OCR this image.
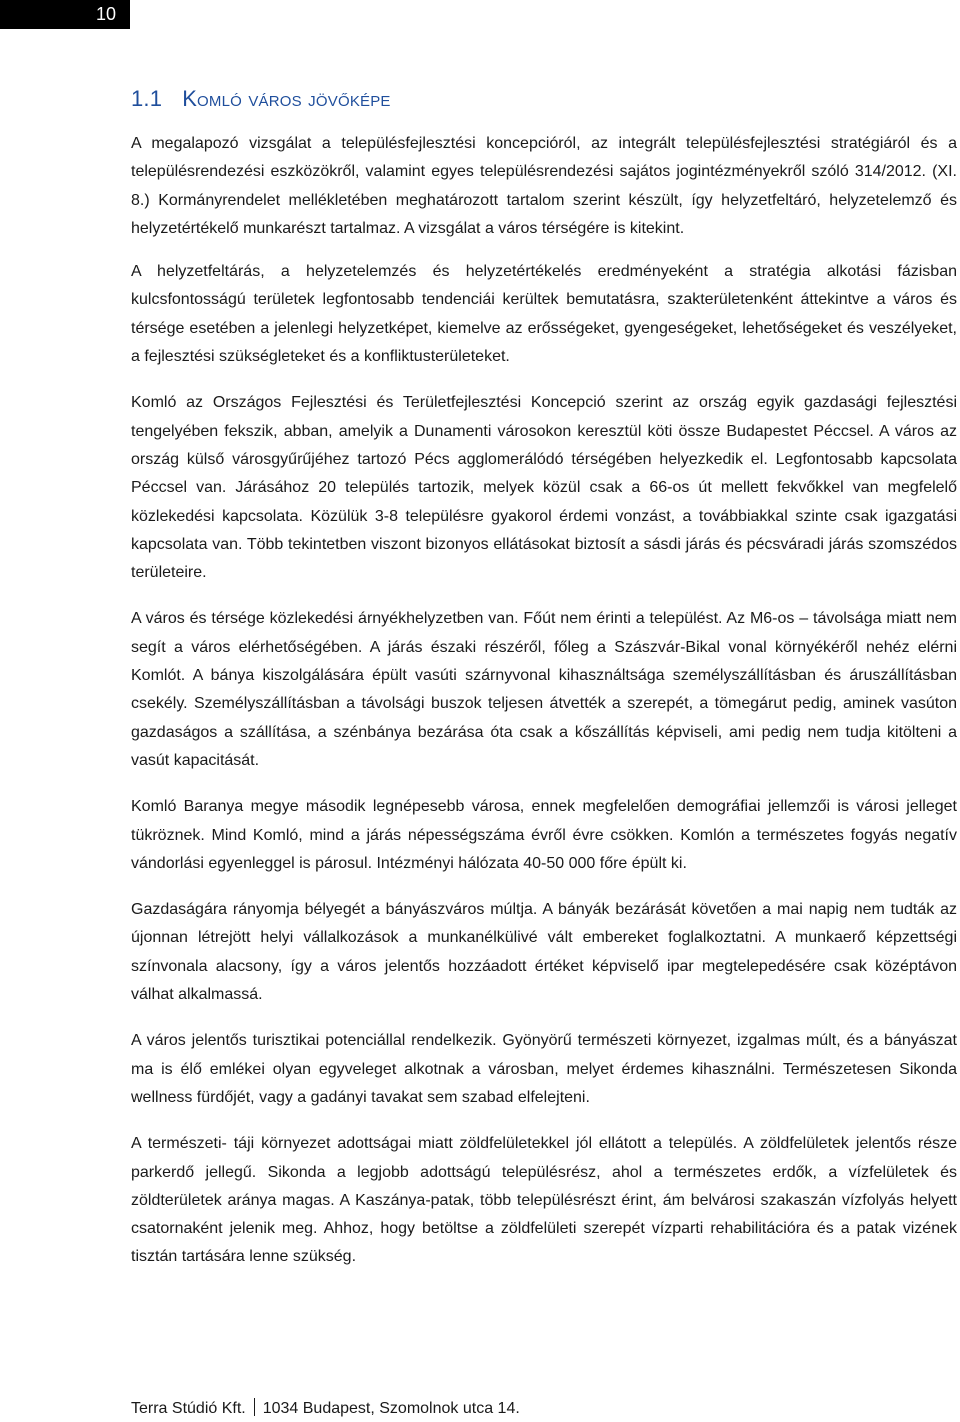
10
1.1 Komló város jövőképe

A megalapozó vizsgálat a településfejlesztési koncepcióról, az integrált településfejlesztési stratégiáról és a településrendezési eszközökről, valamint egyes településrendezési sajátos jogintézményekről szóló 314/2012. (XI. 8.) Kormányrendelet mellékletében meghatározott tartalom szerint készült, így helyzetfeltáró, helyzetelemző és helyzetértékelő munkarészt tartalmaz. A vizsgálat a város térségére is kitekint.

A helyzetfeltárás, a helyzetelemzés és helyzetértékelés eredményeként a stratégia alkotási fázisban kulcsfontosságú területek legfontosabb tendenciái kerültek bemutatásra, szakterületenként áttekintve a város és térsége esetében a jelenlegi helyzetképet, kiemelve az erősségeket, gyengeségeket, lehetőségeket és veszélyeket, a fejlesztési szükségleteket és a konfliktusterületeket.

Komló az Országos Fejlesztési és Területfejlesztési Koncepció szerint az ország egyik gazdasági fejlesztési tengelyében fekszik, abban, amelyik a Dunamenti városokon keresztül köti össze Budapestet Péccsel. A város az ország külső városgyűrűjéhez tartozó Pécs agglomerálódó térségében helyezkedik el. Legfontosabb kapcsolata Péccsel van. Járásához 20 település tartozik, melyek közül csak a 66-os út mellett fekvőkkel van megfelelő közlekedési kapcsolata. Közülük 3-8 településre gyakorol érdemi vonzást, a továbbiakkal szinte csak igazgatási kapcsolata van. Több tekintetben viszont bizonyos ellátásokat biztosít a sásdi járás és pécsváradi járás szomszédos területeire.

A város és térsége közlekedési árnyékhelyzetben van. Főút nem érinti a települést. Az M6-os – távolsága miatt nem segít a város elérhetőségében. A járás északi részéről, főleg a Szászvár-Bikal vonal környékéről nehéz elérni Komlót. A bánya kiszolgálására épült vasúti szárnyvonal kihasználtsága személyszállításban és áruszállításban csekély. Személyszállításban a távolsági buszok teljesen átvették a szerepét, a tömegárut pedig, aminek vasúton gazdaságos a szállítása, a szénbánya bezárása óta csak a kőszállítás képviseli, ami pedig nem tudja kitölteni a vasút kapacitását.

Komló Baranya megye második legnépesebb városa, ennek megfelelően demográfiai jellemzői is városi jelleget tükröznek. Mind Komló, mind a járás népességszáma évről évre csökken. Komlón a természetes fogyás negatív vándorlási egyenleggel is párosul. Intézményi hálózata 40-50 000 főre épült ki.

Gazdaságára rányomja bélyegét a bányászváros múltja. A bányák bezárását követően a mai napig nem tudták az újonnan létrejött helyi vállalkozások a munkanélkülivé vált embereket foglalkoztatni. A munkaerő képzettségi színvonala alacsony, így a város jelentős hozzáadott értéket képviselő ipar megtelepedésére csak középtávon válhat alkalmassá.

A város jelentős turisztikai potenciállal rendelkezik. Gyönyörű természeti környezet, izgalmas múlt, és a bányászat ma is élő emlékei olyan egyveleget alkotnak a városban, melyet érdemes kihasználni. Természetesen Sikonda wellness fürdőjét, vagy a gadányi tavakat sem szabad elfelejteni.

A természeti- táji környezet adottságai miatt zöldfelületekkel jól ellátott a település. A zöldfelületek jelentős része parkerdő jellegű. Sikonda a legjobb adottságú településrész, ahol a természetes erdők, a vízfelületek és zöldterületek aránya magas. A Kaszánya-patak, több településrészt érint, ám belvárosi szakaszán vízfolyás helyett csatornaként jelenik meg. Ahhoz, hogy betöltse a zöldfelületi szerepét vízparti rehabilitációra és a patak vizének tisztán tartására lenne szükség.

Terra Stúdió Kft. 1034 Budapest, Szomolnok utca 14.
